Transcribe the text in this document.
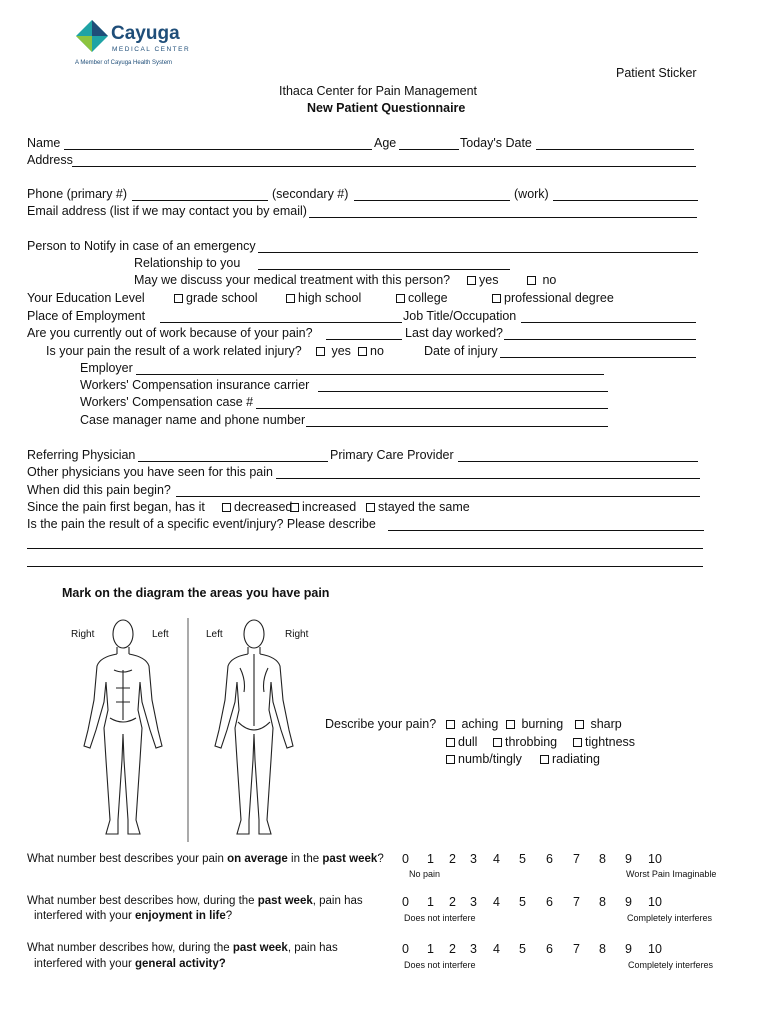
Cayuga
MEDICAL CENTER
A Member of Cayuga Health System
Patient Sticker
Ithaca Center for Pain Management
New Patient Questionnaire
Name	Age	Today's Date
Address
Phone (primary #)	(secondary #)	(work)
Email address (list if we may contact you by email)
Person to Notify in case of an emergency
Relationship to you
May we discuss your medical treatment with this person?	yes	no
Your Education Level	grade school	high school	college	professional degree
Place of Employment	Job Title/Occupation
Are you currently out of work because of your pain?	Last day worked?
Is your pain the result of a work related injury?	yes	no	Date of injury
Employer
Workers' Compensation insurance carrier
Workers' Compensation case #
Case manager name and phone number
Referring Physician	Primary Care Provider
Other physicians you have seen for this pain
When did this pain begin?
Since the pain first began, has it	decreased increased	stayed the same
Is the pain the result of a specific event/injury? Please describe
Mark on the diagram the areas you have pain
Right	Left	Left	Right
Describe your pain?	aching	burning	sharp
dull	throbbing	tightness
numb/tingly	radiating
What number best describes your pain on average in the past week? 0 1 2 3 4 5 6 7 8 9 10
No pain	Worst Pain Imaginable
What number best describes how, during the past week, pain has
interfered with your enjoyment in life?
0 1 2 3 4 5 6 7 8 9 10
Does not interfere	Completely interferes
What number describes how, during the past week, pain has
interfered with your general activity?
0 1 2 3 4 5 6 7 8 9 10
Does not interfere	Completely interferes
